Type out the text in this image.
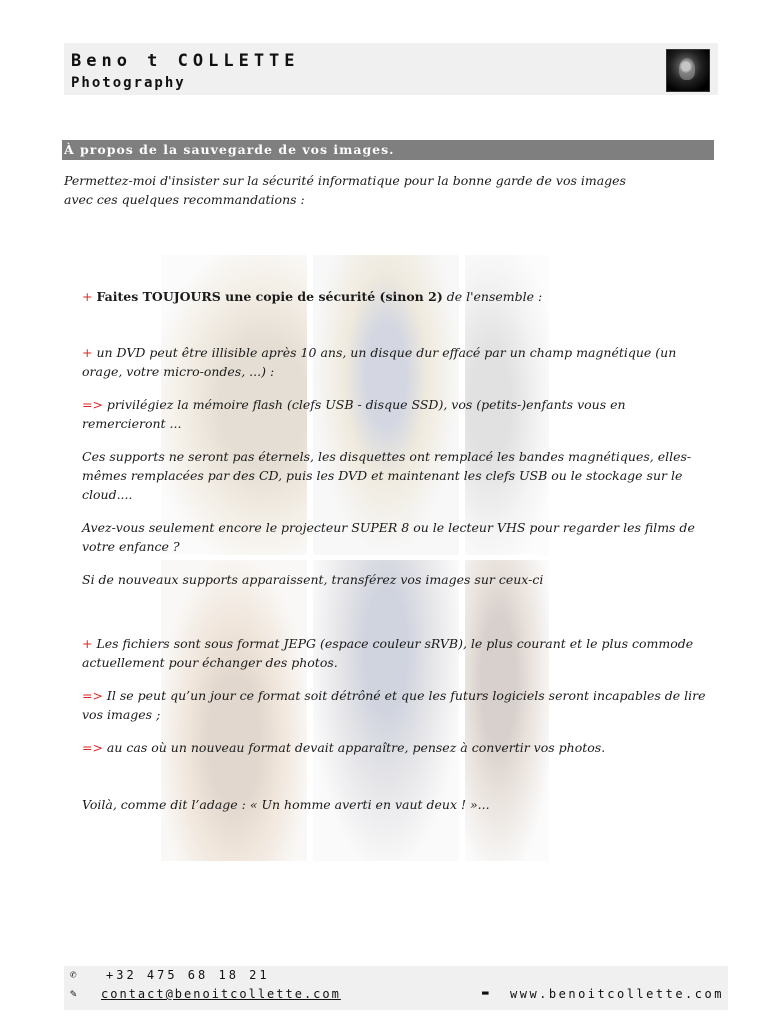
Beno t COLLETTE
Photography
À propos de la sauvegarde de vos images.
Permettez-moi d'insister sur la sécurité informatique pour la bonne garde de vos images
avec ces quelques recommandations :

+ Faites TOUJOURS une copie de sécurité (sinon 2) de l'ensemble :

+ un DVD peut être illisible après 10 ans, un disque dur effacé par un champ magnétique (un orage, votre micro-ondes, ...) :

=> privilégiez la mémoire flash (clefs USB - disque SSD), vos (petits-)enfants vous en remercieront ...

Ces supports ne seront pas éternels, les disquettes ont remplacé les bandes magnétiques, elles-mêmes remplacées par des CD, puis les DVD et maintenant les clefs USB ou le stockage sur le cloud....

Avez-vous seulement encore le projecteur SUPER 8 ou le lecteur VHS pour regarder les films de votre enfance ?

Si de nouveaux supports apparaissent, transférez vos images sur ceux-ci

+ Les fichiers sont sous format JEPG (espace couleur sRVB), le plus courant et le plus commode actuellement pour échanger des photos.

=> Il se peut qu’un jour ce format soit détrôné et que les futurs logiciels seront incapables de lire vos images ;

=> au cas où un nouveau format devait apparaître, pensez à convertir vos photos.

Voilà, comme dit l’adage : « Un homme averti en vaut deux ! »...

✆ +32 475 68 18 21
✎ contact@benoitcollette.com	▬ www.benoitcollette.com
